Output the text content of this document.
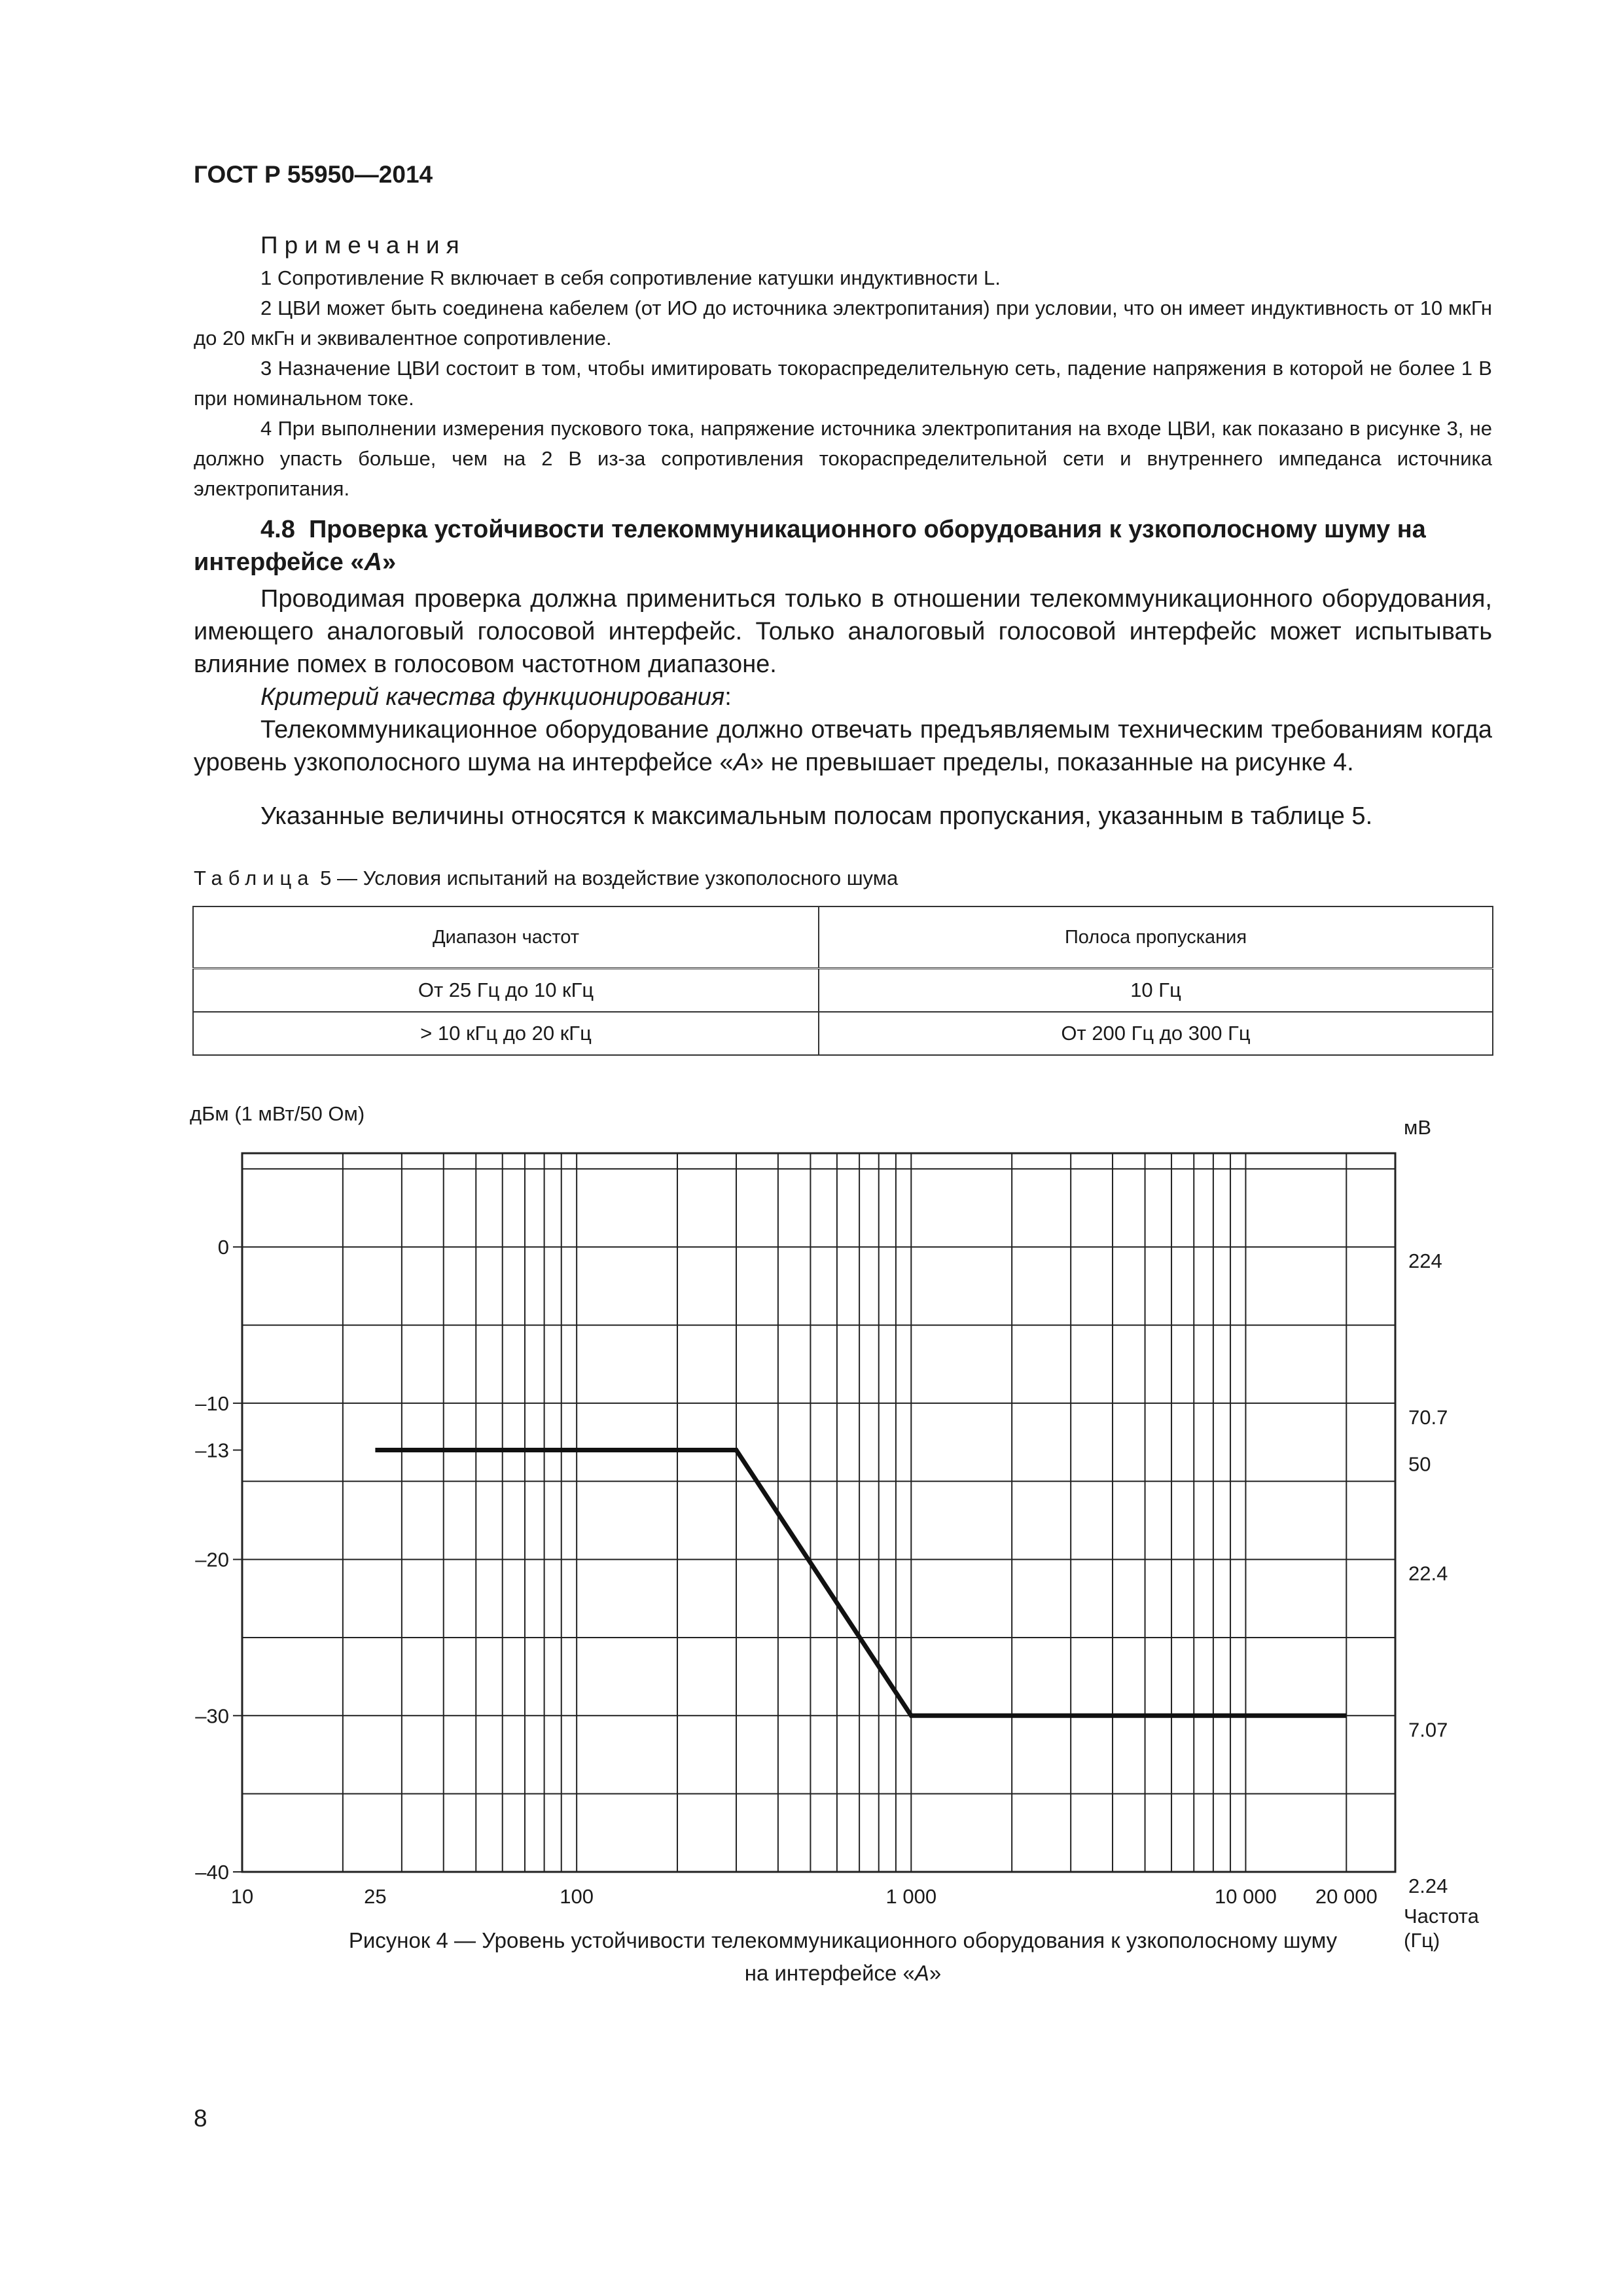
ГОСТ Р 55950—2014
Примечания
1 Сопротивление R включает в себя сопротивление катушки индуктивности L.
2 ЦВИ может быть соединена кабелем (от ИО до источника электропитания) при условии, что он имеет индуктивность от 10 мкГн до 20 мкГн и эквивалентное сопротивление.
3 Назначение ЦВИ состоит в том, чтобы имитировать токораспределительную сеть, падение напряжения в которой не более 1 В при номинальном токе.
4 При выполнении измерения пускового тока, напряжение источника электропитания на входе ЦВИ, как показано в рисунке 3, не должно упасть больше, чем на 2 В из-за сопротивления токораспределительной сети и внутреннего импеданса источника электропитания.
4.8 Проверка устойчивости телекоммуникационного оборудования к узкополосному шуму на интерфейсе «А»
Проводимая проверка должна примениться только в отношении телекоммуникационного оборудования, имеющего аналоговый голосовой интерфейс. Только аналоговый голосовой интерфейс может испытывать влияние помех в голосовом частотном диапазоне.
Критерий качества функционирования:
Телекоммуникационное оборудование должно отвечать предъявляемым техническим требованиям когда уровень узкополосного шума на интерфейсе «А» не превышает пределы, показанные на рисунке 4.
Указанные величины относятся к максимальным полосам пропускания, указанным в таблице 5.
Таблица 5 — Условия испытаний на воздействие узкополосного шума
Диапазон частот	Полоса пропускания
От 25 Гц до 10 кГц	10 Гц
> 10 кГц до 20 кГц	От 200 Гц до 300 Гц
0
–10
–13
–20
–30
–40
224
70.7
50
22.4
7.07
2.24
10	25	100	1 000	10 000 20 000
дБм (1 мВт/50 Ом)
мВ
Частота
(Гц)
Рисунок 4 — Уровень устойчивости телекоммуникационного оборудования к узкополосному шуму
на интерфейсе «А»
8
